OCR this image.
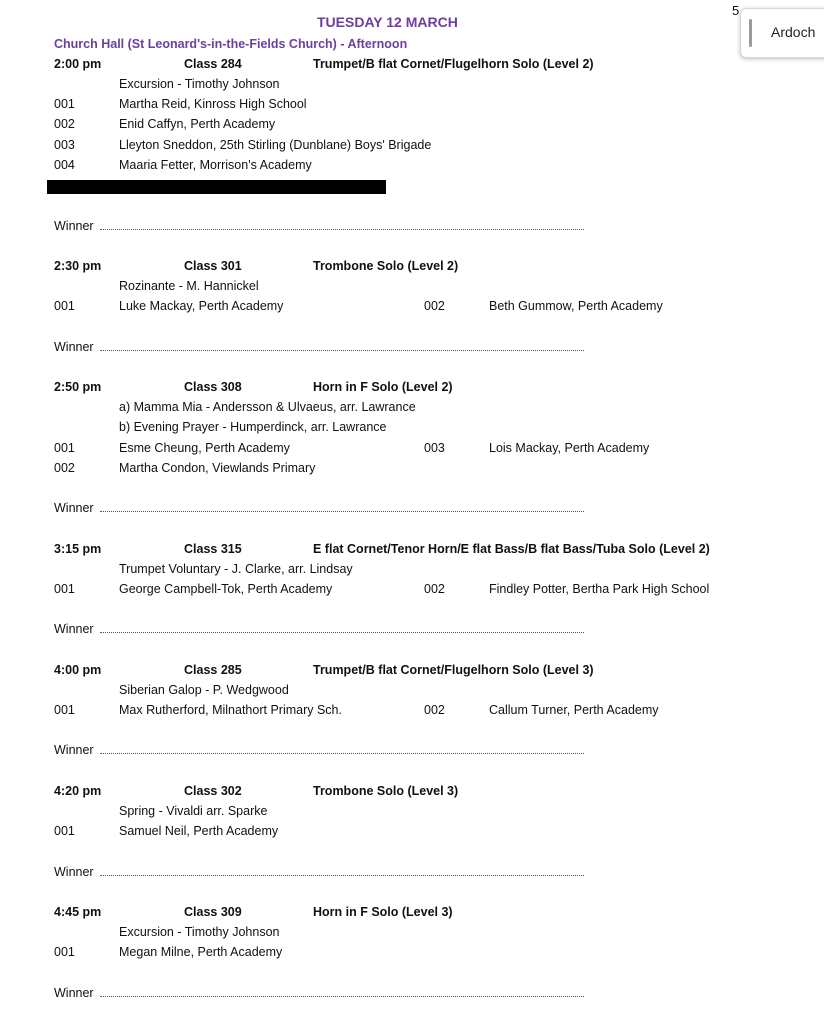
5
Ardoch
TUESDAY 12 MARCH
Church Hall (St Leonard's-in-the-Fields Church) - Afternoon
2:00 pm	Class 284	Trumpet/B flat Cornet/Flugelhorn Solo (Level 2)
Excursion - Timothy Johnson
001	Martha Reid, Kinross High School
002	Enid Caffyn, Perth Academy
003	Lleyton Sneddon, 25th Stirling (Dunblane) Boys' Brigade
004	Maaria Fetter, Morrison's Academy
Winner
2:30 pm	Class 301	Trombone Solo (Level 2)
Rozinante - M. Hannickel
001	Luke Mackay, Perth Academy	002	Beth Gummow, Perth Academy
Winner
2:50 pm	Class 308	Horn in F Solo (Level 2)
a) Mamma Mia - Andersson & Ulvaeus, arr. Lawrance
b) Evening Prayer - Humperdinck, arr. Lawrance
001	Esme Cheung, Perth Academy	003	Lois Mackay, Perth Academy
002	Martha Condon, Viewlands Primary
Winner
3:15 pm	Class 315	E flat Cornet/Tenor Horn/E flat Bass/B flat Bass/Tuba Solo (Level 2)
Trumpet Voluntary - J. Clarke, arr. Lindsay
001	George Campbell-Tok, Perth Academy	002	Findley Potter, Bertha Park High School
Winner
4:00 pm	Class 285	Trumpet/B flat Cornet/Flugelhorn Solo (Level 3)
Siberian Galop - P. Wedgwood
001	Max Rutherford, Milnathort Primary Sch.	002	Callum Turner, Perth Academy
Winner
4:20 pm	Class 302	Trombone Solo (Level 3)
Spring - Vivaldi arr. Sparke
001	Samuel Neil, Perth Academy
Winner
4:45 pm	Class 309	Horn in F Solo (Level 3)
Excursion - Timothy Johnson
001	Megan Milne, Perth Academy
Winner
